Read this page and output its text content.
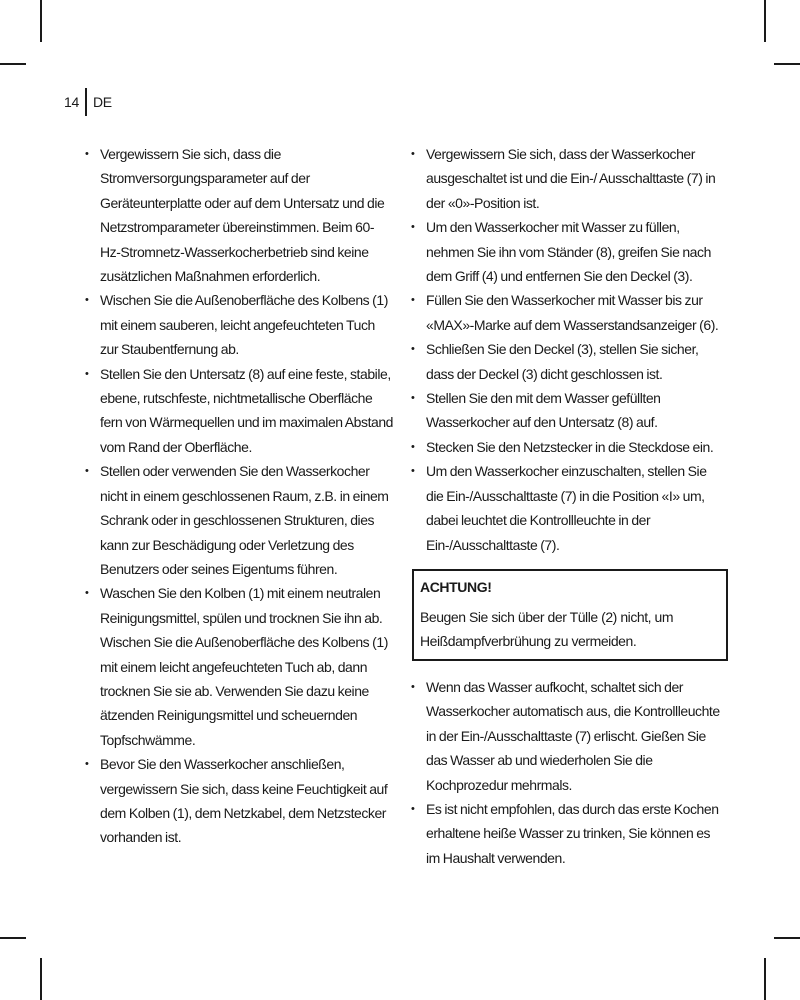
14 DE
• Vergewissern Sie sich, dass die Stromversorgungsparameter auf der Geräteunterplatte oder auf dem Untersatz und die Netzstromparameter übereinstimmen. Beim 60-Hz-Stromnetz-Wasserkocherbetrieb sind keine zusätzlichen Maßnahmen erforderlich.
• Wischen Sie die Außenoberfläche des Kolbens (1) mit einem sauberen, leicht angefeuchteten Tuch zur Staubentfernung ab.
• Stellen Sie den Untersatz (8) auf eine feste, stabile, ebene, rutschfeste, nichtmetallische Oberfläche fern von Wärmequellen und im maximalen Abstand vom Rand der Oberfläche.
• Stellen oder verwenden Sie den Wasserkocher nicht in einem geschlossenen Raum, z.B. in einem Schrank oder in geschlossenen Strukturen, dies kann zur Beschädigung oder Verletzung des Benutzers oder seines Eigentums führen.
• Waschen Sie den Kolben (1) mit einem neutralen Reinigungsmittel, spülen und trocknen Sie ihn ab. Wischen Sie die Außenoberfläche des Kolbens (1) mit einem leicht angefeuchteten Tuch ab, dann trocknen Sie sie ab. Verwenden Sie dazu keine ätzenden Reinigungsmittel und scheuernden Topfschwämme.
• Bevor Sie den Wasserkocher anschließen, vergewissern Sie sich, dass keine Feuchtigkeit auf dem Kolben (1), dem Netzkabel, dem Netzstecker vorhanden ist.
• Vergewissern Sie sich, dass der Wasserkocher ausgeschaltet ist und die Ein-/ Ausschalttaste (7) in der «0»-Position ist.
• Um den Wasserkocher mit Wasser zu füllen, nehmen Sie ihn vom Ständer (8), greifen Sie nach dem Griff (4) und entfernen Sie den Deckel (3).
• Füllen Sie den Wasserkocher mit Wasser bis zur «MAX»-Marke auf dem Wasserstandsanzeiger (6).
• Schließen Sie den Deckel (3), stellen Sie sicher, dass der Deckel (3) dicht geschlossen ist.
• Stellen Sie den mit dem Wasser gefüllten Wasserkocher auf den Untersatz (8) auf.
• Stecken Sie den Netzstecker in die Steckdose ein.
• Um den Wasserkocher einzuschalten, stellen Sie die Ein-/Ausschalttaste (7) in die Position «I» um, dabei leuchtet die Kontrollleuchte in der Ein-/Ausschalttaste (7).
ACHTUNG!
Beugen Sie sich über der Tülle (2) nicht, um Heißdampfverbrühung zu vermeiden.
• Wenn das Wasser aufkocht, schaltet sich der Wasserkocher automatisch aus, die Kontrollleuchte in der Ein-/Ausschalttaste (7) erlischt. Gießen Sie das Wasser ab und wiederholen Sie die Kochprozedur mehrmals.
• Es ist nicht empfohlen, das durch das erste Kochen erhaltene heiße Wasser zu trinken, Sie können es im Haushalt verwenden.
